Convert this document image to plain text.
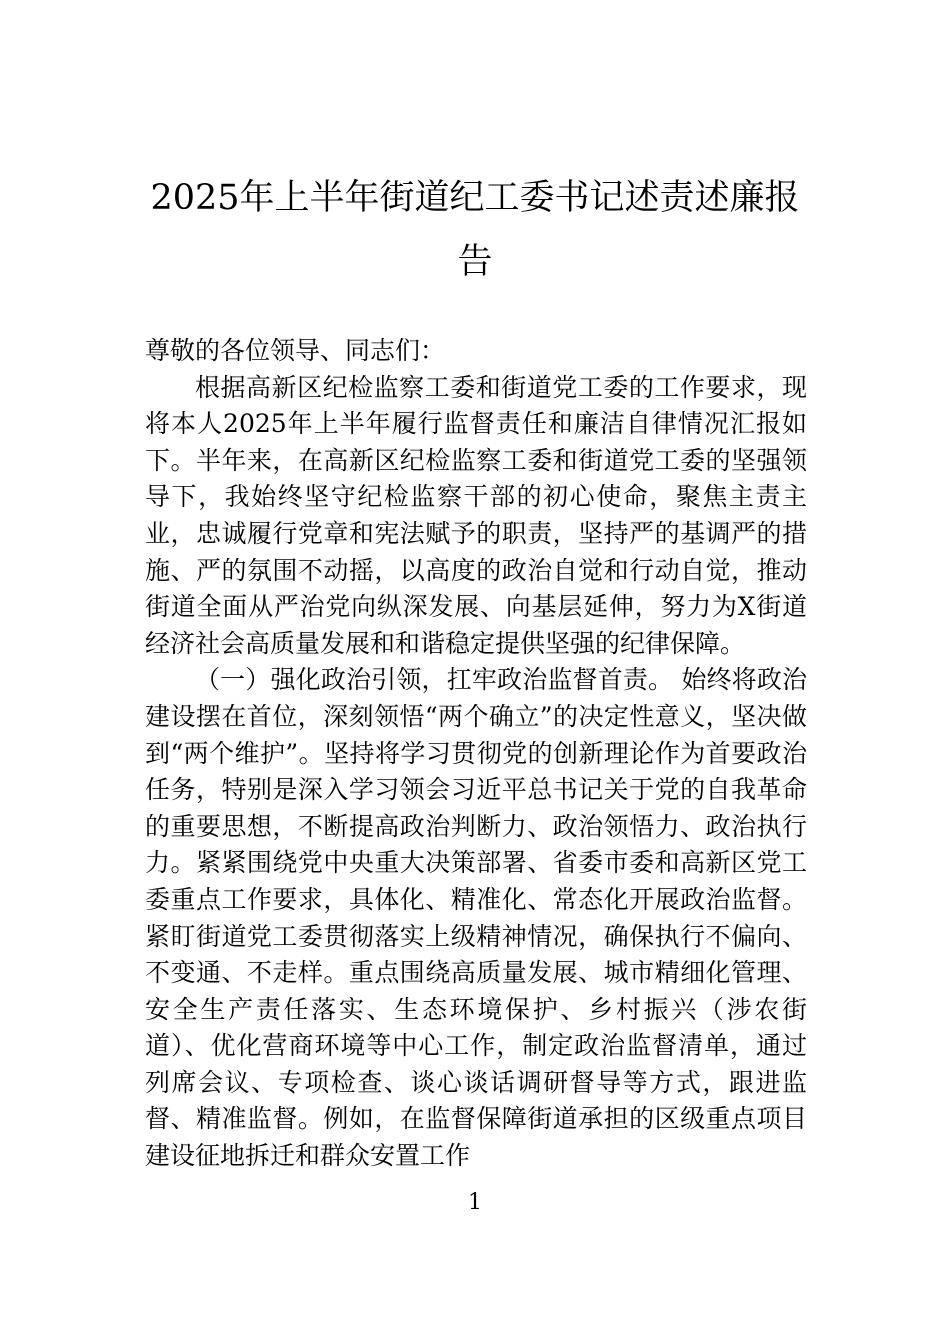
2025年上半年街道纪工委书记述责述廉报告

尊敬的各位领导、同志们：

根据高新区纪检监察工委和街道党工委的工作要求，现将本人2025年上半年履行监督责任和廉洁自律情况汇报如下。半年来，在高新区纪检监察工委和街道党工委的坚强领导下，我始终坚守纪检监察干部的初心使命，聚焦主责主业，忠诚履行党章和宪法赋予的职责，坚持严的基调严的措施、严的氛围不动摇，以高度的政治自觉和行动自觉，推动街道全面从严治党向纵深发展、向基层延伸，努力为X街道经济社会高质量发展和和谐稳定提供坚强的纪律保障。

（一）强化政治引领，扛牢政治监督首责。 始终将政治建设摆在首位，深刻领悟“两个确立”的决定性意义，坚决做到“两个维护”。坚持将学习贯彻党的创新理论作为首要政治任务，特别是深入学习领会习近平总书记关于党的自我革命的重要思想，不断提高政治判断力、政治领悟力、政治执行力。紧紧围绕党中央重大决策部署、省委市委和高新区党工委重点工作要求，具体化、精准化、常态化开展政治监督。紧盯街道党工委贯彻落实上级精神情况，确保执行不偏向、不变通、不走样。重点围绕高质量发展、城市精细化管理、安全生产责任落实、生态环境保护、乡村振兴（涉农街道）、优化营商环境等中心工作，制定政治监督清单，通过列席会议、专项检查、谈心谈话调研督导等方式，跟进监督、精准监督。例如，在监督保障街道承担的区级重点项目建设征地拆迁和群众安置工作

1
